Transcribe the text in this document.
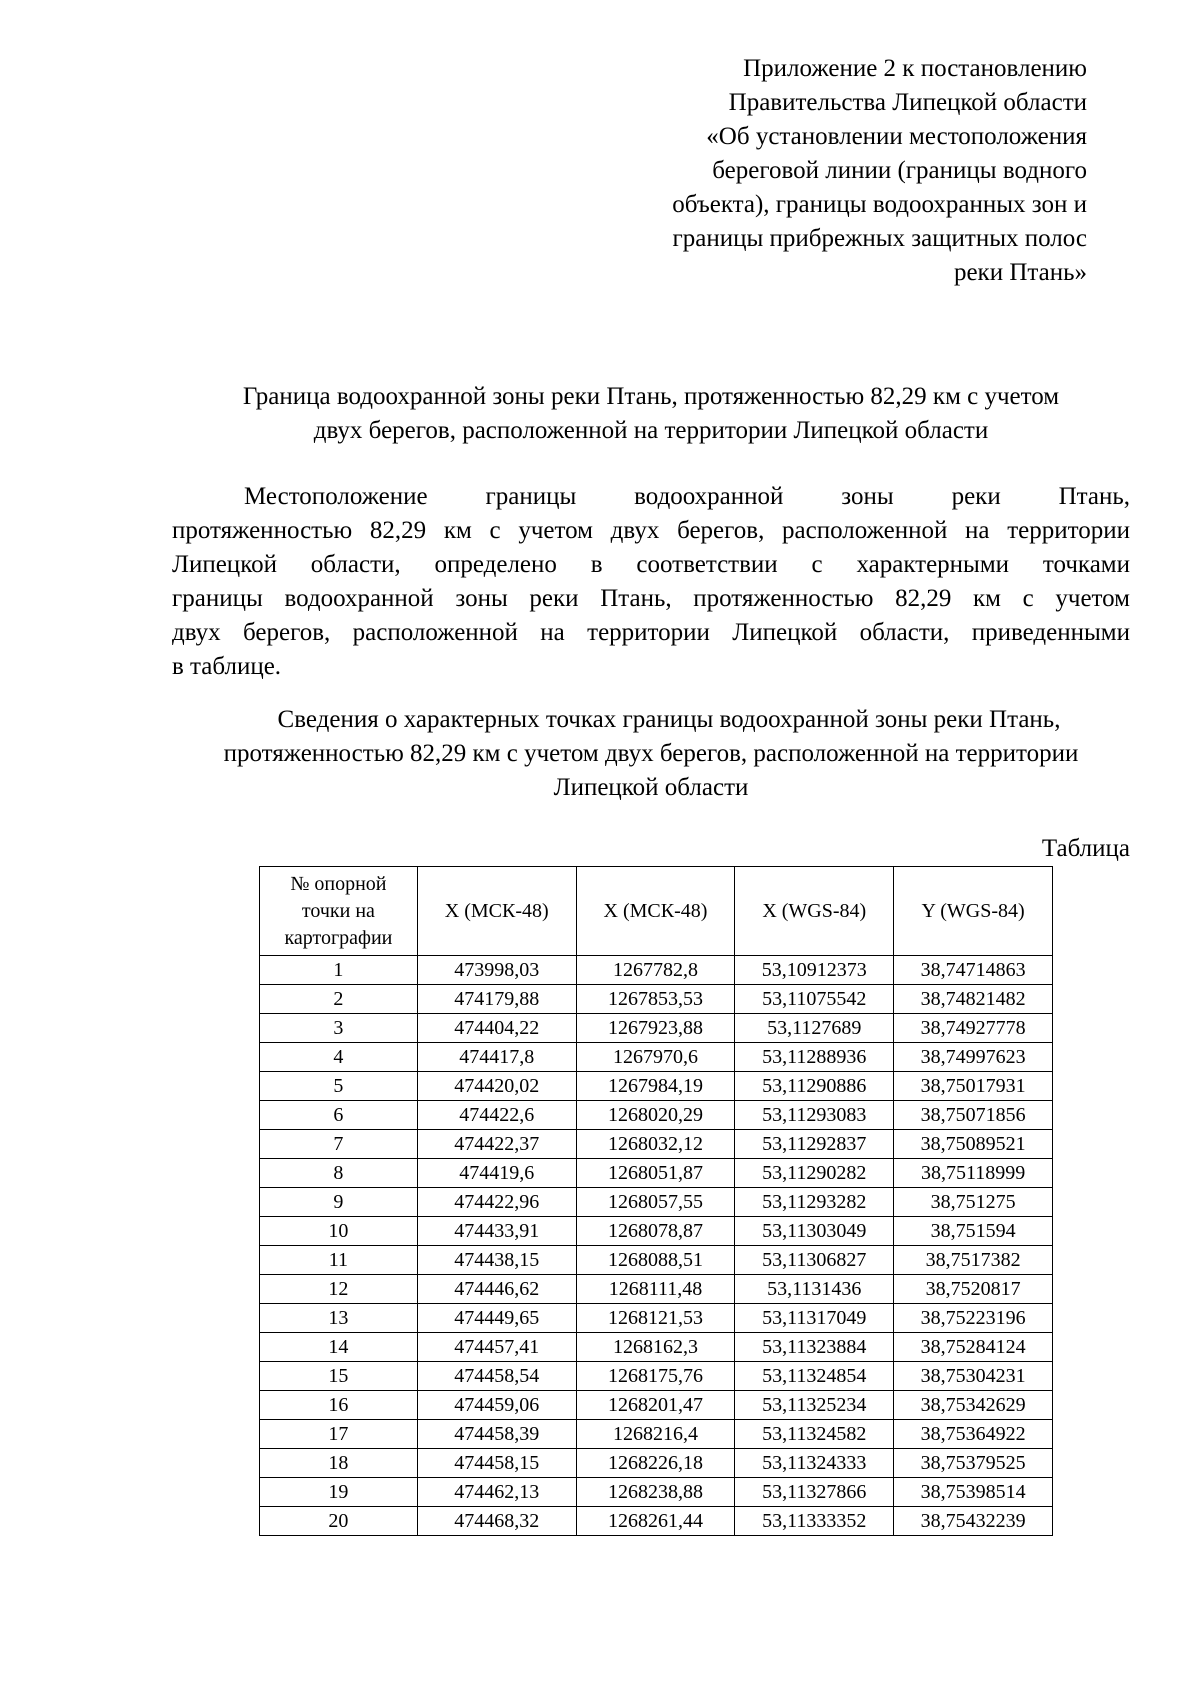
Приложение 2 к постановлению
Правительства Липецкой области
«Об установлении местоположения
береговой линии (границы водного
объекта), границы водоохранных зон и
границы прибрежных защитных полос
реки Птань»
Граница водоохранной зоны реки Птань, протяженностью 82,29 км с учетом
двух берегов, расположенной на территории Липецкой области
Местоположение границы водоохранной зоны реки Птань,
протяженностью 82,29 км с учетом двух берегов, расположенной на территории
Липецкой области, определено в соответствии с характерными точками
границы водоохранной зоны реки Птань, протяженностью 82,29 км с учетом
двух берегов, расположенной на территории Липецкой области, приведенными
в таблице.
Сведения о характерных точках границы водоохранной зоны реки Птань,
протяженностью 82,29 км с учетом двух берегов, расположенной на территории
Липецкой области
Таблица
№ опорной
точки на
картографии	X (МСК-48)	X (МСК-48)	X (WGS-84)	Y (WGS-84)
1	473998,03	1267782,8	53,10912373	38,74714863
2	474179,88	1267853,53	53,11075542	38,74821482
3	474404,22	1267923,88	53,1127689	38,74927778
4	474417,8	1267970,6	53,11288936	38,74997623
5	474420,02	1267984,19	53,11290886	38,75017931
6	474422,6	1268020,29	53,11293083	38,75071856
7	474422,37	1268032,12	53,11292837	38,75089521
8	474419,6	1268051,87	53,11290282	38,75118999
9	474422,96	1268057,55	53,11293282	38,751275
10	474433,91	1268078,87	53,11303049	38,751594
11	474438,15	1268088,51	53,11306827	38,7517382
12	474446,62	1268111,48	53,1131436	38,7520817
13	474449,65	1268121,53	53,11317049	38,75223196
14	474457,41	1268162,3	53,11323884	38,75284124
15	474458,54	1268175,76	53,11324854	38,75304231
16	474459,06	1268201,47	53,11325234	38,75342629
17	474458,39	1268216,4	53,11324582	38,75364922
18	474458,15	1268226,18	53,11324333	38,75379525
19	474462,13	1268238,88	53,11327866	38,75398514
20	474468,32	1268261,44	53,11333352	38,75432239
